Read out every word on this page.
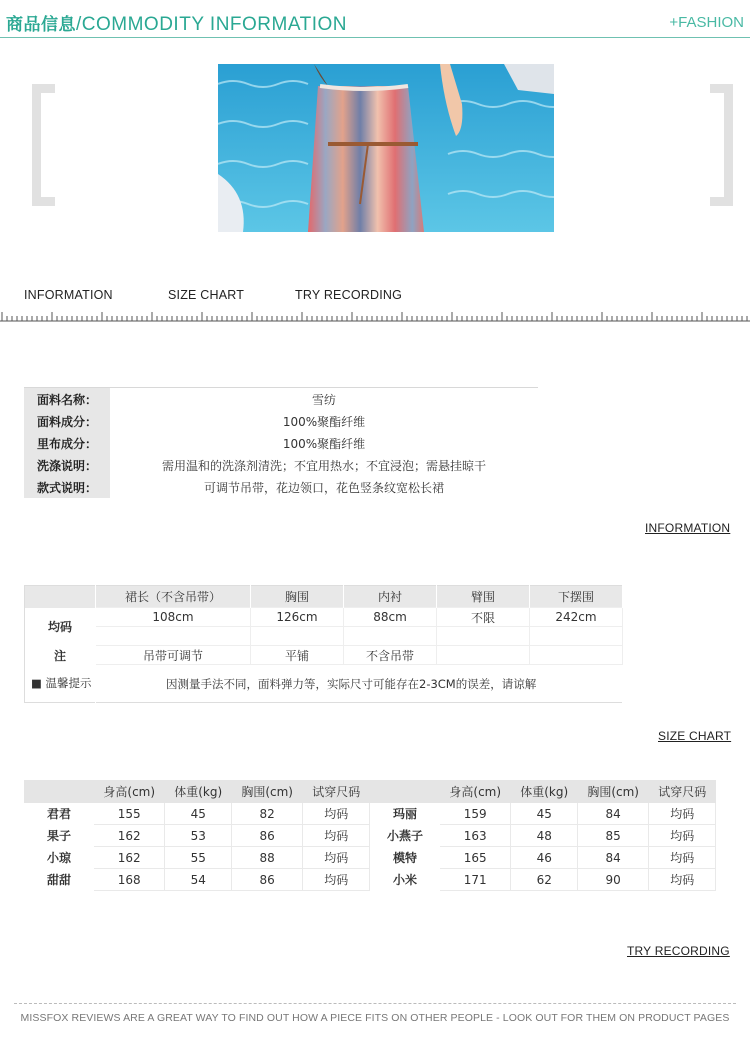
商品信息/COMMODITY INFORMATION	+FASHION
INFORMATION	SIZE CHART	TRY RECORDING
面料名称：	雪纺
面料成分：	100%聚酯纤维
里布成分：	100%聚酯纤维
洗涤说明：	需用温和的洗涤剂清洗；不宜用热水；不宜浸泡；需悬挂晾干
款式说明：	可调节吊带，花边领口，花色竖条纹宽松长裙
INFORMATION
	裙长（不含吊带）	胸围	内衬	臂围	下摆围
均码	108cm	126cm	88cm	不限	242cm

注	吊带可调节	平铺	不含吊带		
■ 温馨提示	因测量手法不同，面料弹力等，实际尺寸可能存在2-3CM的误差，请谅解				
SIZE CHART
	身高(cm)	体重(kg)	胸围(cm)	试穿尺码
君君	155	45	82	均码
果子	162	53	86	均码
小琼	162	55	88	均码
甜甜	168	54	86	均码
	身高(cm)	体重(kg)	胸围(cm)	试穿尺码
玛丽	159	45	84	均码
小燕子	163	48	85	均码
模特	165	46	84	均码
小米	171	62	90	均码
TRY RECORDING
MISSFOX REVIEWS ARE A GREAT WAY TO FIND OUT HOW A PIECE FITS ON OTHER PEOPLE - LOOK OUT FOR THEM ON PRODUCT PAGES
